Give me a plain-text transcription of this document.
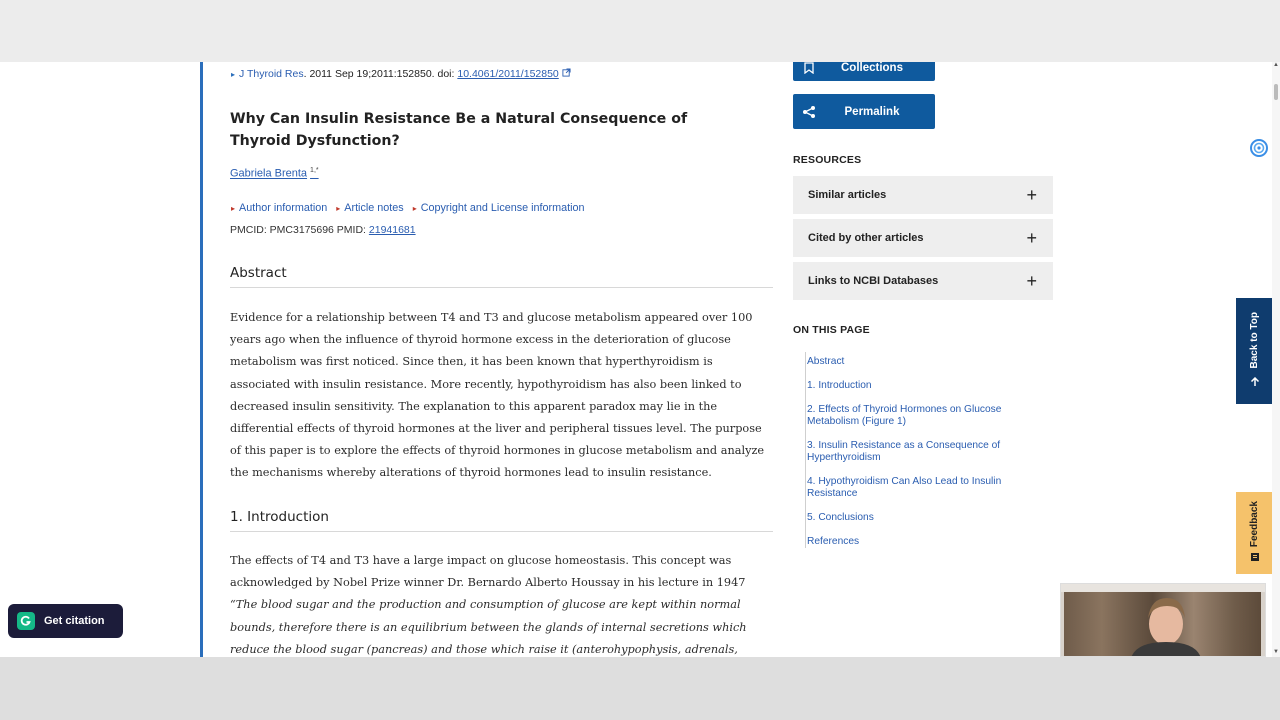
▸ J Thyroid Res. 2011 Sep 19;2011:152850. doi: 10.4061/2011/152850
Why Can Insulin Resistance Be a Natural Consequence of Thyroid Dysfunction?
Gabriela Brenta $^{1,*}$
▸ Author information ▸ Article notes ▸ Copyright and License information
PMCID: PMC3175696 PMID: 21941681
Abstract
Evidence for a relationship between T4 and T3 and glucose metabolism appeared over 100 years ago when the influence of thyroid hormone excess in the deterioration of glucose metabolism was first noticed. Since then, it has been known that hyperthyroidism is associated with insulin resistance. More recently, hypothyroidism has also been linked to decreased insulin sensitivity. The explanation to this apparent paradox may lie in the differential effects of thyroid hormones at the liver and peripheral tissues level. The purpose of this paper is to explore the effects of thyroid hormones in glucose metabolism and analyze the mechanisms whereby alterations of thyroid hormones lead to insulin resistance.
1. Introduction
The effects of T4 and T3 have a large impact on glucose homeostasis. This concept was acknowledged by Nobel Prize winner Dr. Bernardo Alberto Houssay in his lecture in 1947 “The blood sugar and the production and consumption of glucose are kept within normal bounds, therefore there is an equilibrium between the glands of internal secretions which reduce the blood sugar (pancreas) and those which raise it (anterohypophysis, adrenals,
Collections
Permalink
RESOURCES
Similar articles	+
Cited by other articles	+
Links to NCBI Databases	+
ON THIS PAGE
Abstract
1. Introduction
2. Effects of Thyroid Hormones on Glucose Metabolism (Figure 1)
3. Insulin Resistance as a Consequence of Hyperthyroidism
4. Hypothyroidism Can Also Lead to Insulin Resistance
5. Conclusions
References
Back to Top
Feedback
Get citation
▲
▼
